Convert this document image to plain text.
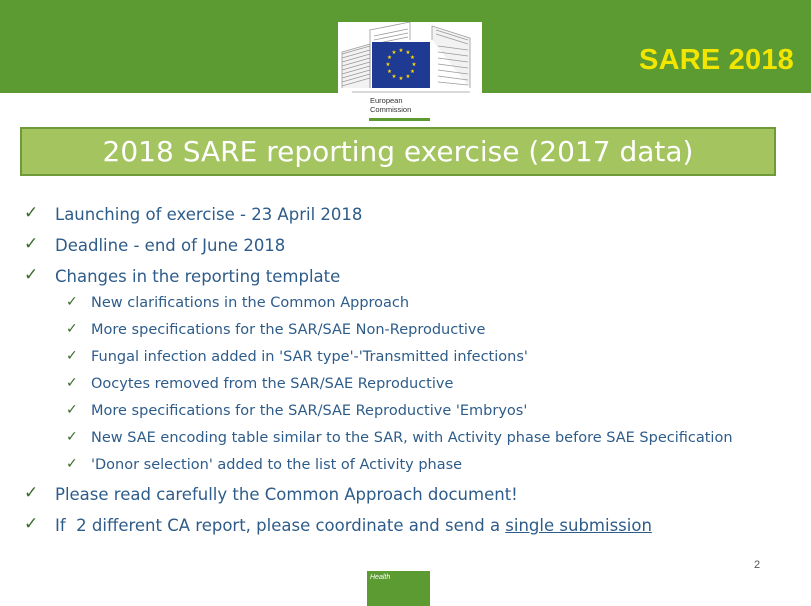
★ ★
★
★
★
★
★
★
★
★
★
★
European
Commission
SARE 2018
2018 SARE reporting exercise (2017 data)
✓ Launching of exercise - 23 April 2018
✓ Deadline - end of June 2018
✓ Changes in the reporting template
✓ New clarifications in the Common Approach
✓ More specifications for the SAR/SAE Non-Reproductive
✓ Fungal infection added in 'SAR type'-'Transmitted infections'
✓ Oocytes removed from the SAR/SAE Reproductive
✓ More specifications for the SAR/SAE Reproductive 'Embryos'
✓ New SAE encoding table similar to the SAR, with Activity phase before SAE Specification
✓ 'Donor selection' added to the list of Activity phase
✓ Please read carefully the Common Approach document!
✓ If  2 different CA report, please coordinate and send a single submission
2
Health
